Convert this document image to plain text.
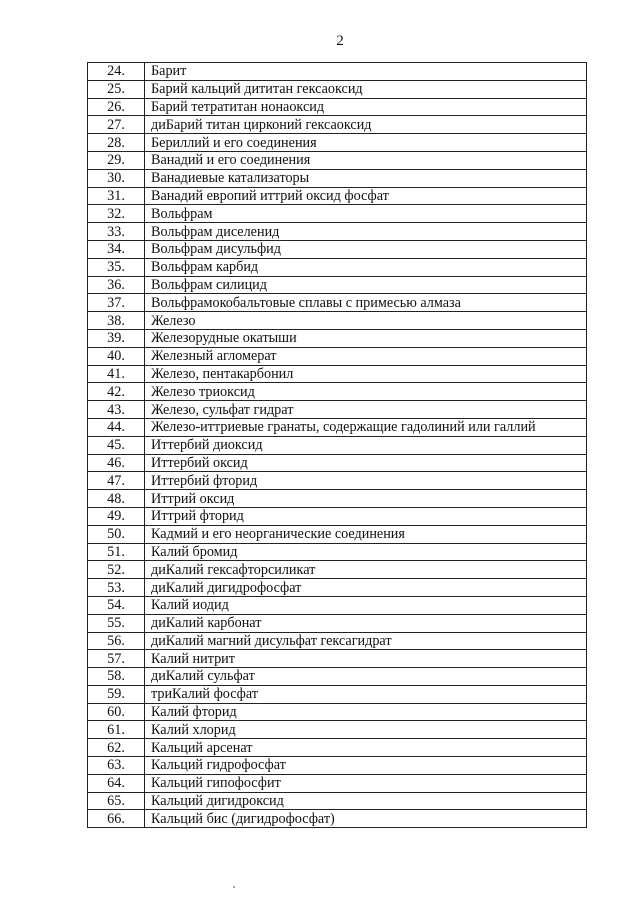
2
24.	Барит
25.	Барий кальций дититан гексаоксид
26.	Барий тетратитан нонаоксид
27.	диБарий титан цирконий гексаоксид
28.	Бериллий и его соединения
29.	Ванадий и его соединения
30.	Ванадиевые катализаторы
31.	Ванадий европий иттрий оксид фосфат
32.	Вольфрам
33.	Вольфрам диселенид
34.	Вольфрам дисульфид
35.	Вольфрам карбид
36.	Вольфрам силицид
37.	Вольфрамокобальтовые сплавы с примесью алмаза
38.	Железо
39.	Железорудные окатыши
40.	Железный агломерат
41.	Железо, пентакарбонил
42.	Железо триоксид
43.	Железо, сульфат гидрат
44.	Железо-иттриевые гранаты, содержащие гадолиний или галлий
45.	Иттербий диоксид
46.	Иттербий оксид
47.	Иттербий фторид
48.	Иттрий оксид
49.	Иттрий фторид
50.	Кадмий и его неорганические соединения
51.	Калий бромид
52.	диКалий гексафторсиликат
53.	диКалий дигидрофосфат
54.	Калий иодид
55.	диКалий карбонат
56.	диКалий магний дисульфат гексагидрат
57.	Калий нитрит
58.	диКалий сульфат
59.	триКалий фосфат
60.	Калий фторид
61.	Калий хлорид
62.	Кальций арсенат
63.	Кальций гидрофосфат
64.	Кальций гипофосфит
65.	Кальций дигидроксид
66.	Кальций бис (дигидрофосфат)
